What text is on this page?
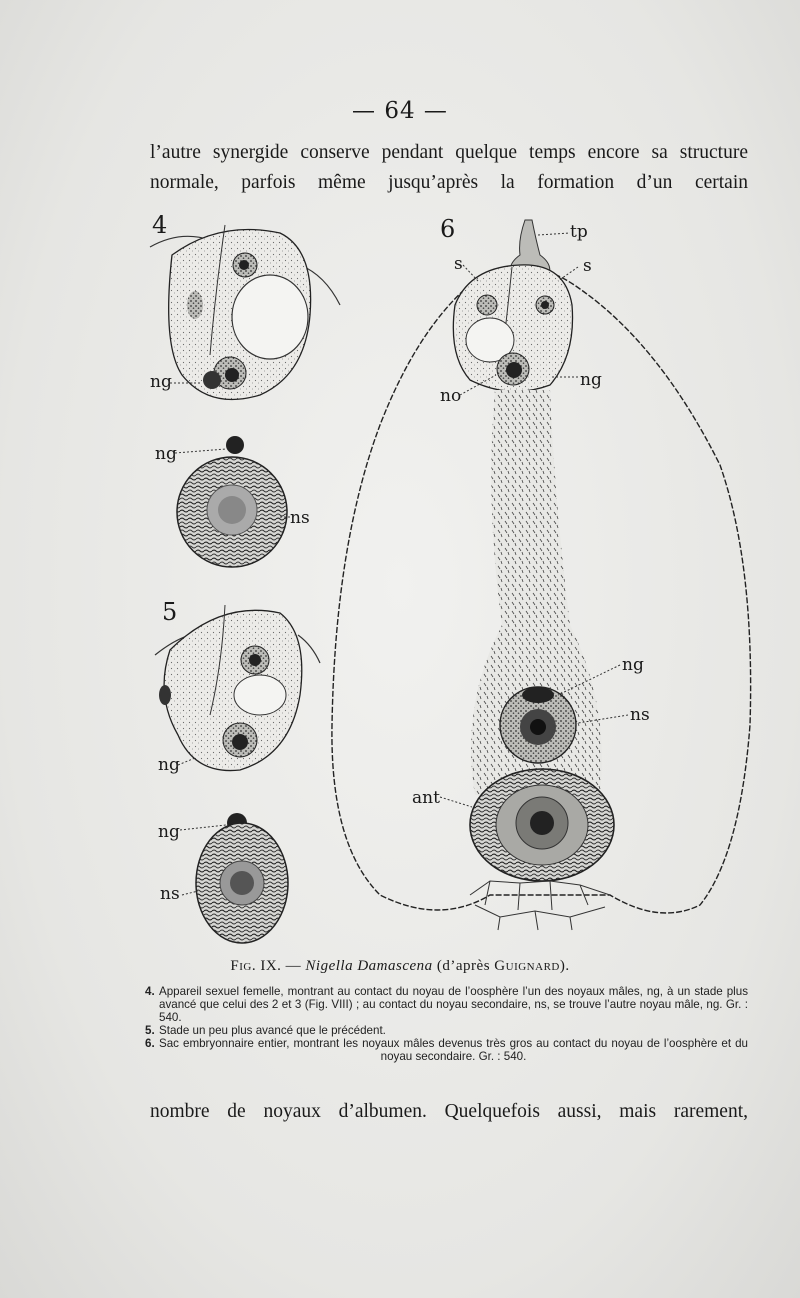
— 64 —
l’autre synergide conserve pendant quelque temps encore sa structure
normale, parfois même jusqu’après la formation d’un certain
4
ng
ng
ns
5
ng
ng
ns
6	tp
s	s
no
ng
ng
ns
ant
Fig. IX. — Nigella Damascena (d’après Guignard).
4. Appareil sexuel femelle, montrant au contact du noyau de l’oosphère l’un des noyaux mâles, ng, à un stade plus avancé que celui des 2 et 3 (Fig. VIII) ; au contact du noyau secondaire, ns, se trouve l’autre noyau mâle, ng. Gr. : 540.
5. Stade un peu plus avancé que le précédent.
6. Sac embryonnaire entier, montrant les noyaux mâles devenus très gros au contact du noyau de l’oosphère et du noyau secondaire. Gr. : 540.
nombre de noyaux d’albumen. Quelquefois aussi, mais rarement,
